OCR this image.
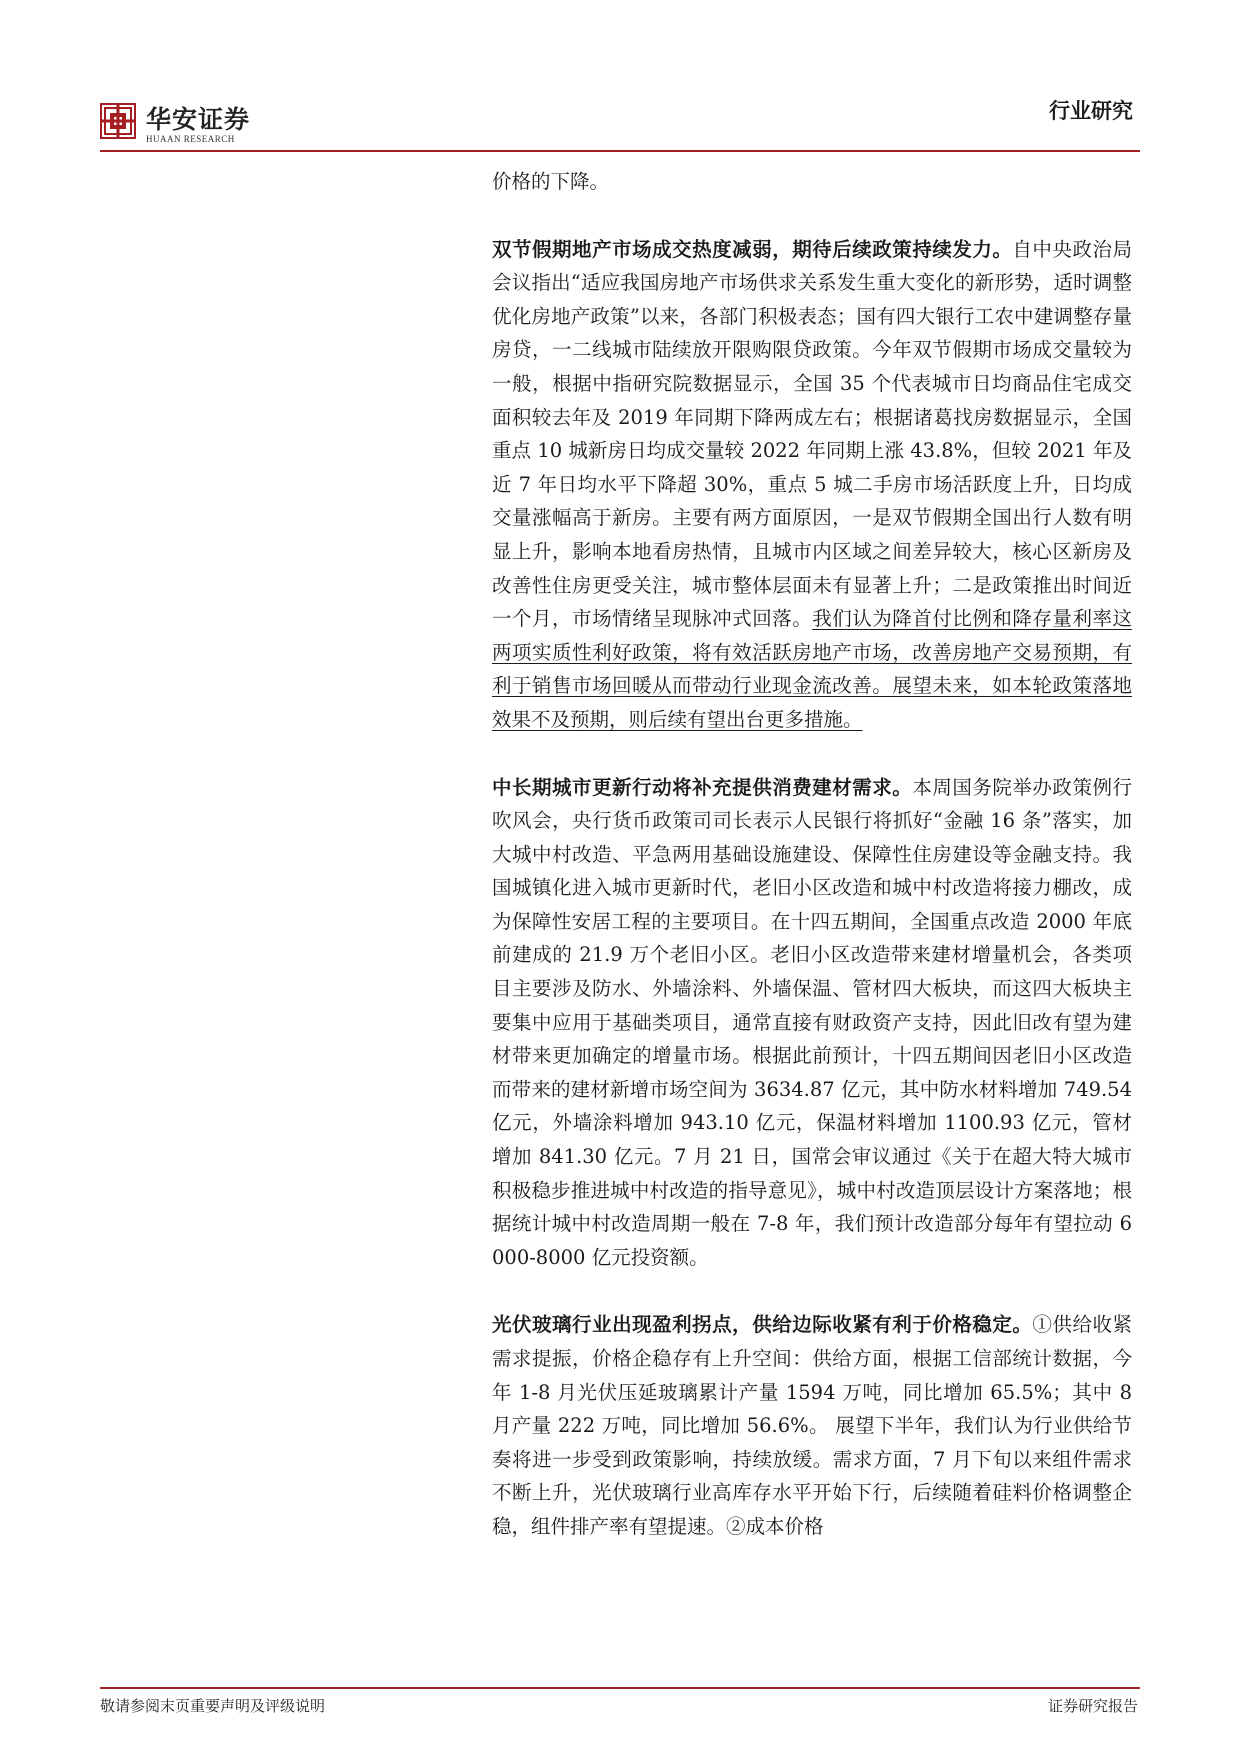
华安证券
HUAAN RESEARCH
行业研究

价格的下降。

双节假期地产市场成交热度减弱，期待后续政策持续发力。自中央政治局会议指出“适应我国房地产市场供求关系发生重大变化的新形势，适时调整优化房地产政策”以来，各部门积极表态；国有四大银行工农中建调整存量房贷，一二线城市陆续放开限购限贷政策。今年双节假期市场成交量较为一般，根据中指研究院数据显示，全国 35 个代表城市日均商品住宅成交面积较去年及 2019 年同期下降两成左右；根据诸葛找房数据显示，全国重点 10 城新房日均成交量较 2022 年同期上涨 43.8%，但较 2021 年及近 7 年日均水平下降超 30%，重点 5 城二手房市场活跃度上升，日均成交量涨幅高于新房。主要有两方面原因，一是双节假期全国出行人数有明显上升，影响本地看房热情，且城市内区域之间差异较大，核心区新房及改善性住房更受关注，城市整体层面未有显著上升；二是政策推出时间近一个月，市场情绪呈现脉冲式回落。我们认为降首付比例和降存量利率这两项实质性利好政策，将有效活跃房地产市场，改善房地产交易预期，有利于销售市场回暖从而带动行业现金流改善。展望未来，如本轮政策落地效果不及预期，则后续有望出台更多措施。

中长期城市更新行动将补充提供消费建材需求。本周国务院举办政策例行吹风会，央行货币政策司司长表示人民银行将抓好“金融 16 条”落实，加大城中村改造、平急两用基础设施建设、保障性住房建设等金融支持。我国城镇化进入城市更新时代，老旧小区改造和城中村改造将接力棚改，成为保障性安居工程的主要项目。在十四五期间，全国重点改造 2000 年底前建成的 21.9 万个老旧小区。老旧小区改造带来建材增量机会，各类项目主要涉及防水、外墙涂料、外墙保温、管材四大板块，而这四大板块主要集中应用于基础类项目，通常直接有财政资产支持，因此旧改有望为建材带来更加确定的增量市场。根据此前预计，十四五期间因老旧小区改造而带来的建材新增市场空间为 3634.87 亿元，其中防水材料增加 749.54 亿元，外墙涂料增加 943.10 亿元，保温材料增加 1100.93 亿元，管材增加 841.30 亿元。7 月 21 日，国常会审议通过《关于在超大特大城市积极稳步推进城中村改造的指导意见》，城中村改造顶层设计方案落地；根据统计城中村改造周期一般在 7-8 年，我们预计改造部分每年有望拉动 6000-8000 亿元投资额。

光伏玻璃行业出现盈利拐点，供给边际收紧有利于价格稳定。①供给收紧需求提振，价格企稳存有上升空间：供给方面，根据工信部统计数据，今年 1-8 月光伏压延玻璃累计产量 1594 万吨，同比增加 65.5%；其中 8 月产量 222 万吨，同比增加 56.6%。 展望下半年，我们认为行业供给节奏将进一步受到政策影响，持续放缓。需求方面，7 月下旬以来组件需求不断上升，光伏玻璃行业高库存水平开始下行，后续随着硅料价格调整企稳，组件排产率有望提速。②成本价格

敬请参阅末页重要声明及评级说明	证券研究报告
